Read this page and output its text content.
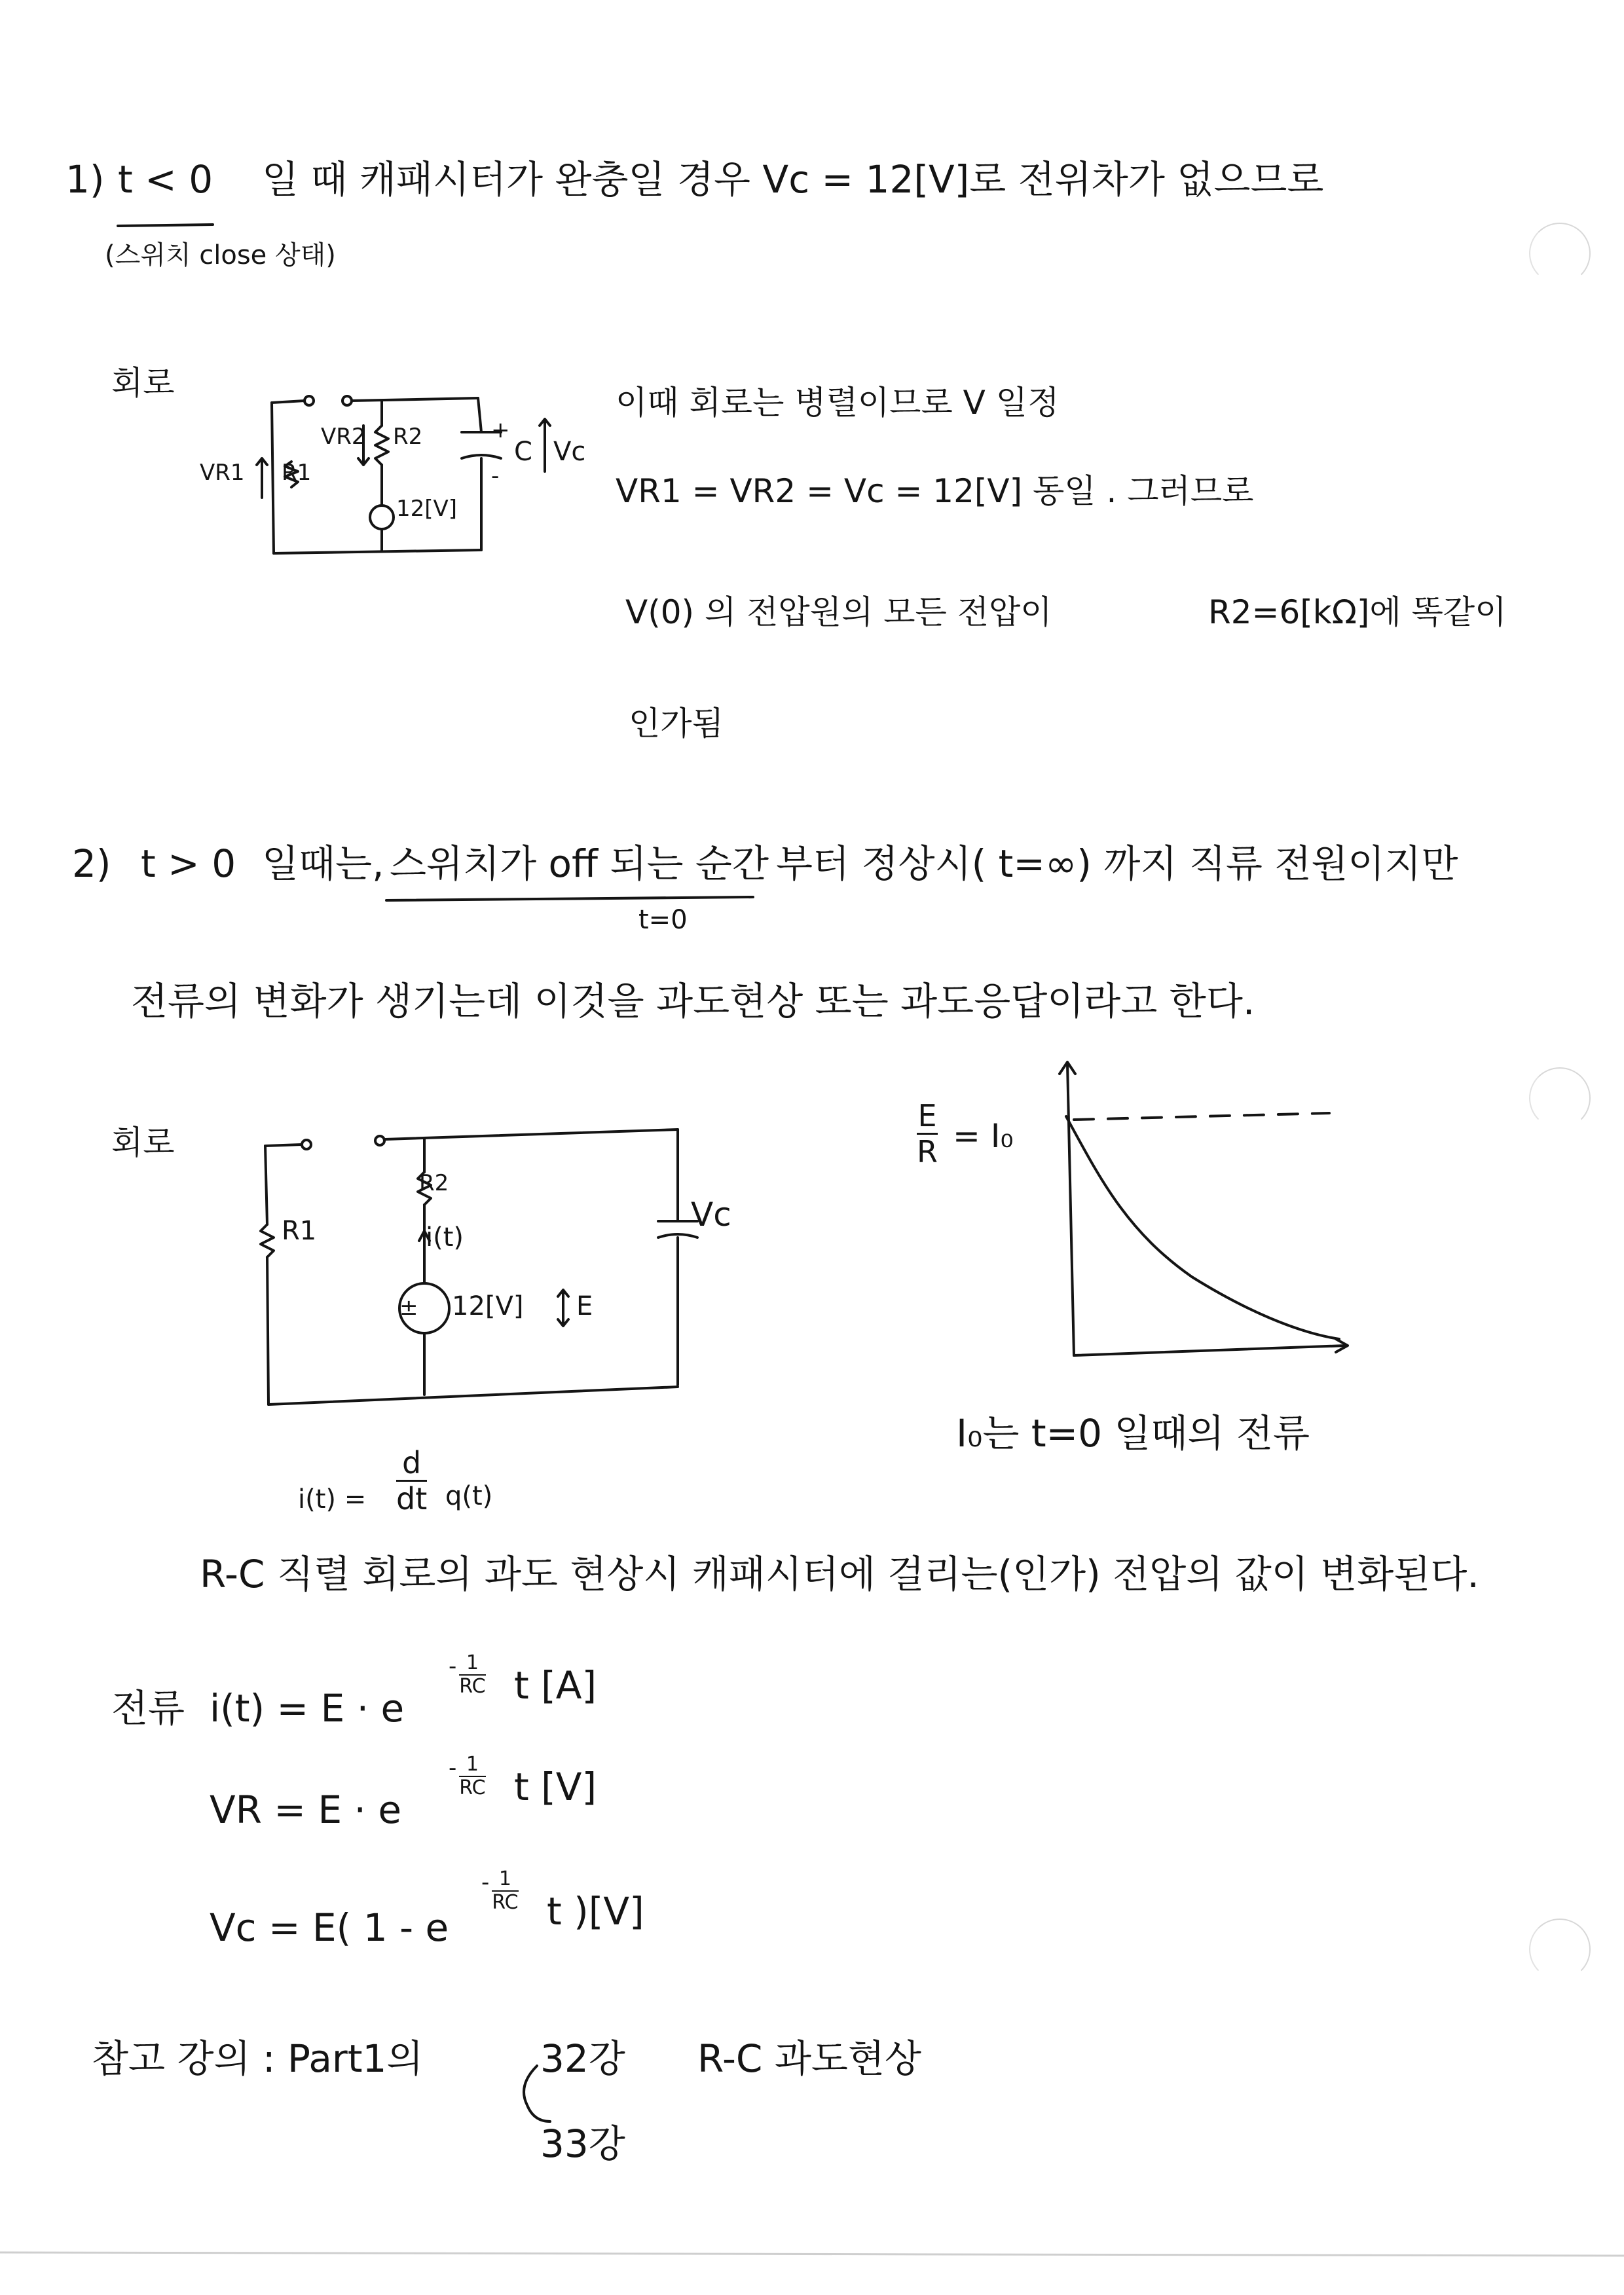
1) t < 0 일 때 캐패시터가 완충일 경우 Vc = 12[V]로 전위차가 없으므로
(스위치 close 상태)
회로
VR1 R1
VR2 R2
12[V]
+
-
C Vc
이때 회로는 병렬이므로 V 일정
VR1 = VR2 = Vc = 12[V] 동일 . 그러므로
V(0) 의 전압원의 모든 전압이	R2=6[kΩ]에 똑같이
인가됨
2) t > 0 일때는, 스위치가 off 되는 순간 부터 정상시( t=∞) 까지 직류 전원이지만
t=0
전류의 변화가 생기는데 이것을 과도현상 또는 과도응답이라고 한다.
회로
R1
R2
i(t)
12[V] E
±
Vc
E
R = I₀
I₀는 t=0 일때의 전류
i(t) =
d
dt q(t)
R-C 직렬 회로의 과도 현상시 캐패시터에 걸리는(인가) 전압의 값이 변화된다.
전류 i(t) = E · e
- 1
RC t [A]
VR = E · e
- 1
RC t [V]
Vc = E( 1 - e
- 1
RC t )[V]
참고 강의 : Part1의	32강
33강
R-C 과도현상
